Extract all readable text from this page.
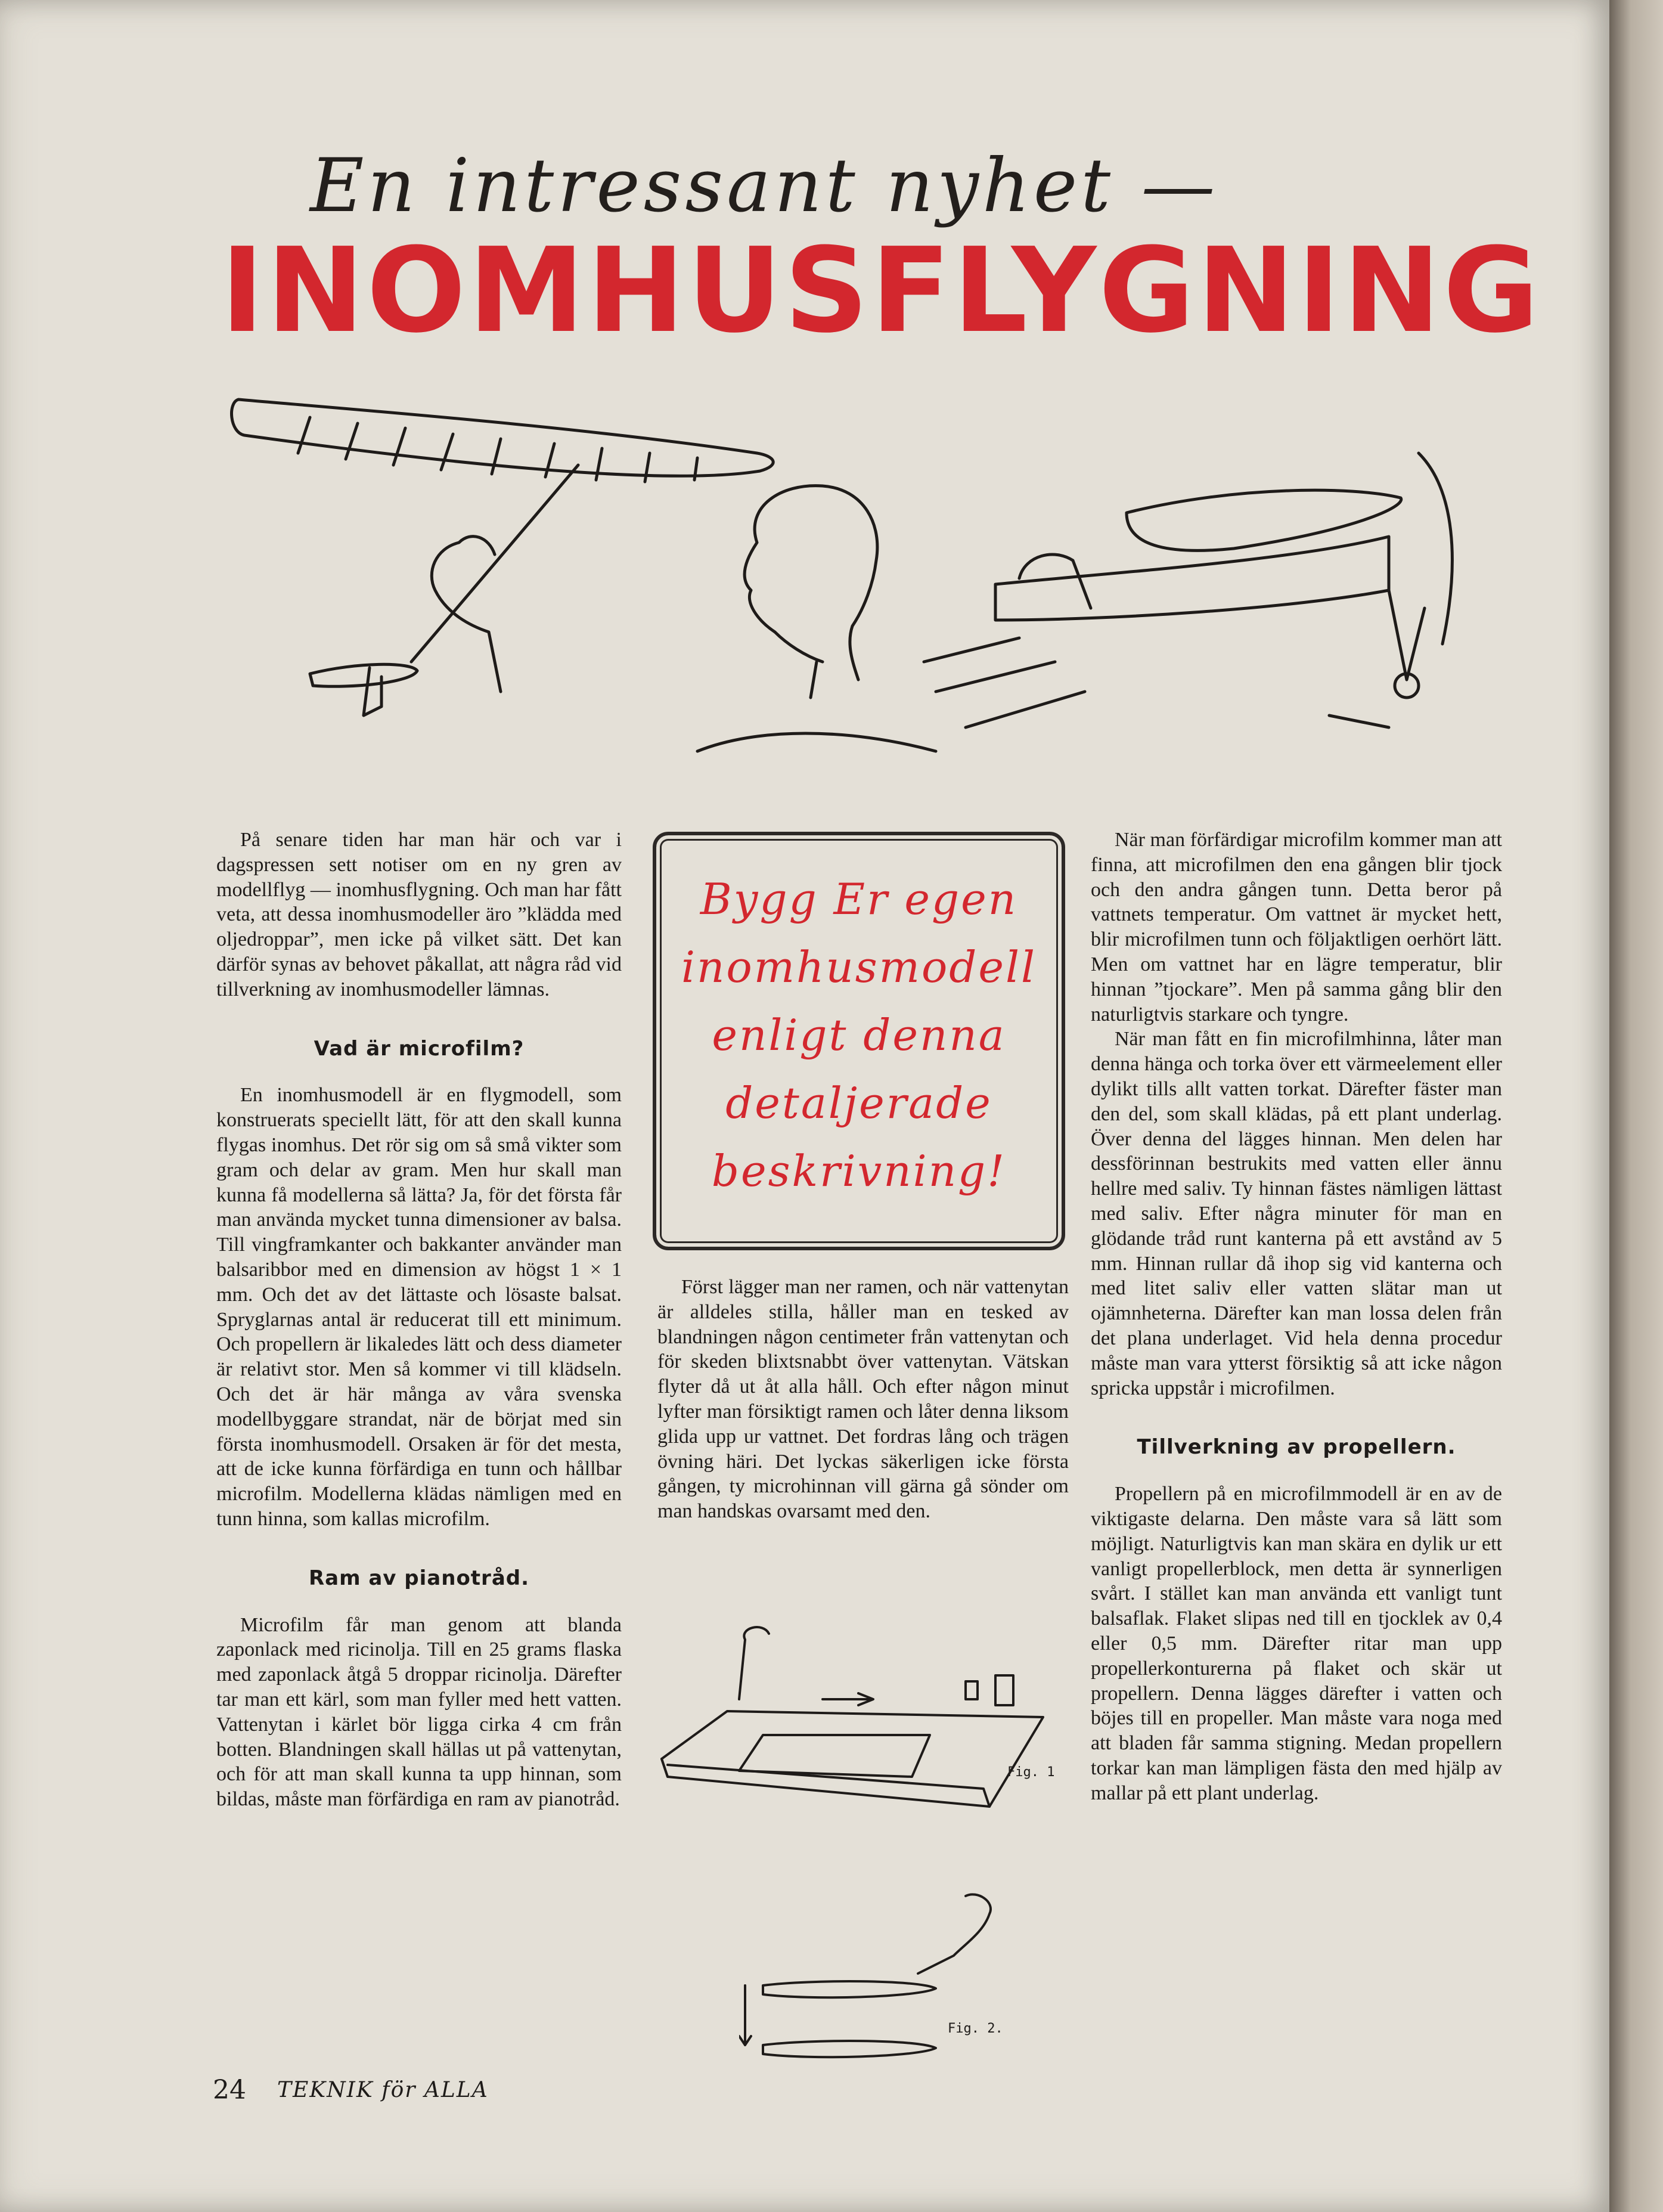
En intressant nyhet —
INOMHUSFLYGNING

På senare tiden har man här och var i dagspressen sett notiser om en ny gren av modellflyg — inomhusflygning. Och man har fått veta, att dessa inomhusmodeller äro ”klädda med oljedroppar”, men icke på vilket sätt. Det kan därför synas av behovet påkallat, att några råd vid tillverkning av inomhusmodeller lämnas.

Vad är microfilm?

En inomhusmodell är en flygmodell, som konstruerats speciellt lätt, för att den skall kunna flygas inomhus. Det rör sig om så små vikter som gram och delar av gram. Men hur skall man kunna få modellerna så lätta? Ja, för det första får man använda mycket tunna dimensioner av balsa. Till vingframkanter och bakkanter använder man balsaribbor med en dimension av högst 1 × 1 mm. Och det av det lättaste och lösaste balsat. Spryglarnas antal är reducerat till ett minimum. Och propellern är likaledes lätt och dess diameter är relativt stor. Men så kommer vi till klädseln. Och det är här många av våra svenska modellbyggare strandat, när de börjat med sin första inomhusmodell. Orsaken är för det mesta, att de icke kunna förfärdiga en tunn och hållbar microfilm. Modellerna klädas nämligen med en tunn hinna, som kallas microfilm.

Ram av pianotråd.

Microfilm får man genom att blanda zaponlack med ricinolja. Till en 25 grams flaska med zaponlack åtgå 5 droppar ricinolja. Därefter tar man ett kärl, som man fyller med hett vatten. Vattenytan i kärlet bör ligga cirka 4 cm från botten. Blandningen skall hällas ut på vattenytan, och för att man skall kunna ta upp hinnan, som bildas, måste man förfärdiga en ram av pianotråd.

Bygg Er egen inomhusmodell enligt denna detaljerade beskrivning!

Först lägger man ner ramen, och när vattenytan är alldeles stilla, håller man en tesked av blandningen någon centimeter från vattenytan och för skeden blixtsnabbt över vattenytan. Vätskan flyter då ut åt alla håll. Och efter någon minut lyfter man försiktigt ramen och låter denna liksom glida upp ur vattnet. Det fordras lång och trägen övning häri. Det lyckas säkerligen icke första gången, ty microhinnan vill gärna gå sönder om man handskas ovarsamt med den.

Fig. 1
Fig. 2.

När man förfärdigar microfilm kommer man att finna, att microfilmen den ena gången blir tjock och den andra gången tunn. Detta beror på vattnets temperatur. Om vattnet är mycket hett, blir microfilmen tunn och följaktligen oerhört lätt. Men om vattnet har en lägre temperatur, blir hinnan ”tjockare”. Men på samma gång blir den naturligtvis starkare och tyngre.

När man fått en fin microfilmhinna, låter man denna hänga och torka över ett värmeelement eller dylikt tills allt vatten torkat. Därefter fäster man den del, som skall klädas, på ett plant underlag. Över denna del lägges hinnan. Men delen har dessförinnan bestrukits med vatten eller ännu hellre med saliv. Ty hinnan fästes nämligen lättast med saliv. Efter några minuter för man en glödande tråd runt kanterna på ett avstånd av 5 mm. Hinnan rullar då ihop sig vid kanterna och med litet saliv eller vatten slätar man ut ojämnheterna. Därefter kan man lossa delen från det plana underlaget. Vid hela denna procedur måste man vara ytterst försiktig så att icke någon spricka uppstår i microfilmen.

Tillverkning av propellern.

Propellern på en microfilmmodell är en av de viktigaste delarna. Den måste vara så lätt som möjligt. Naturligtvis kan man skära en dylik ur ett vanligt propellerblock, men detta är synnerligen svårt. I stället kan man använda ett vanligt tunt balsaflak. Flaket slipas ned till en tjocklek av 0,4 eller 0,5 mm. Därefter ritar man upp propellerkonturerna på flaket och skär ut propellern. Denna lägges därefter i vatten och böjes till en propeller. Man måste vara noga med att bladen får samma stigning. Medan propellern torkar kan man lämpligen fästa den med hjälp av mallar på ett plant underlag.

24 TEKNIK för ALLA
